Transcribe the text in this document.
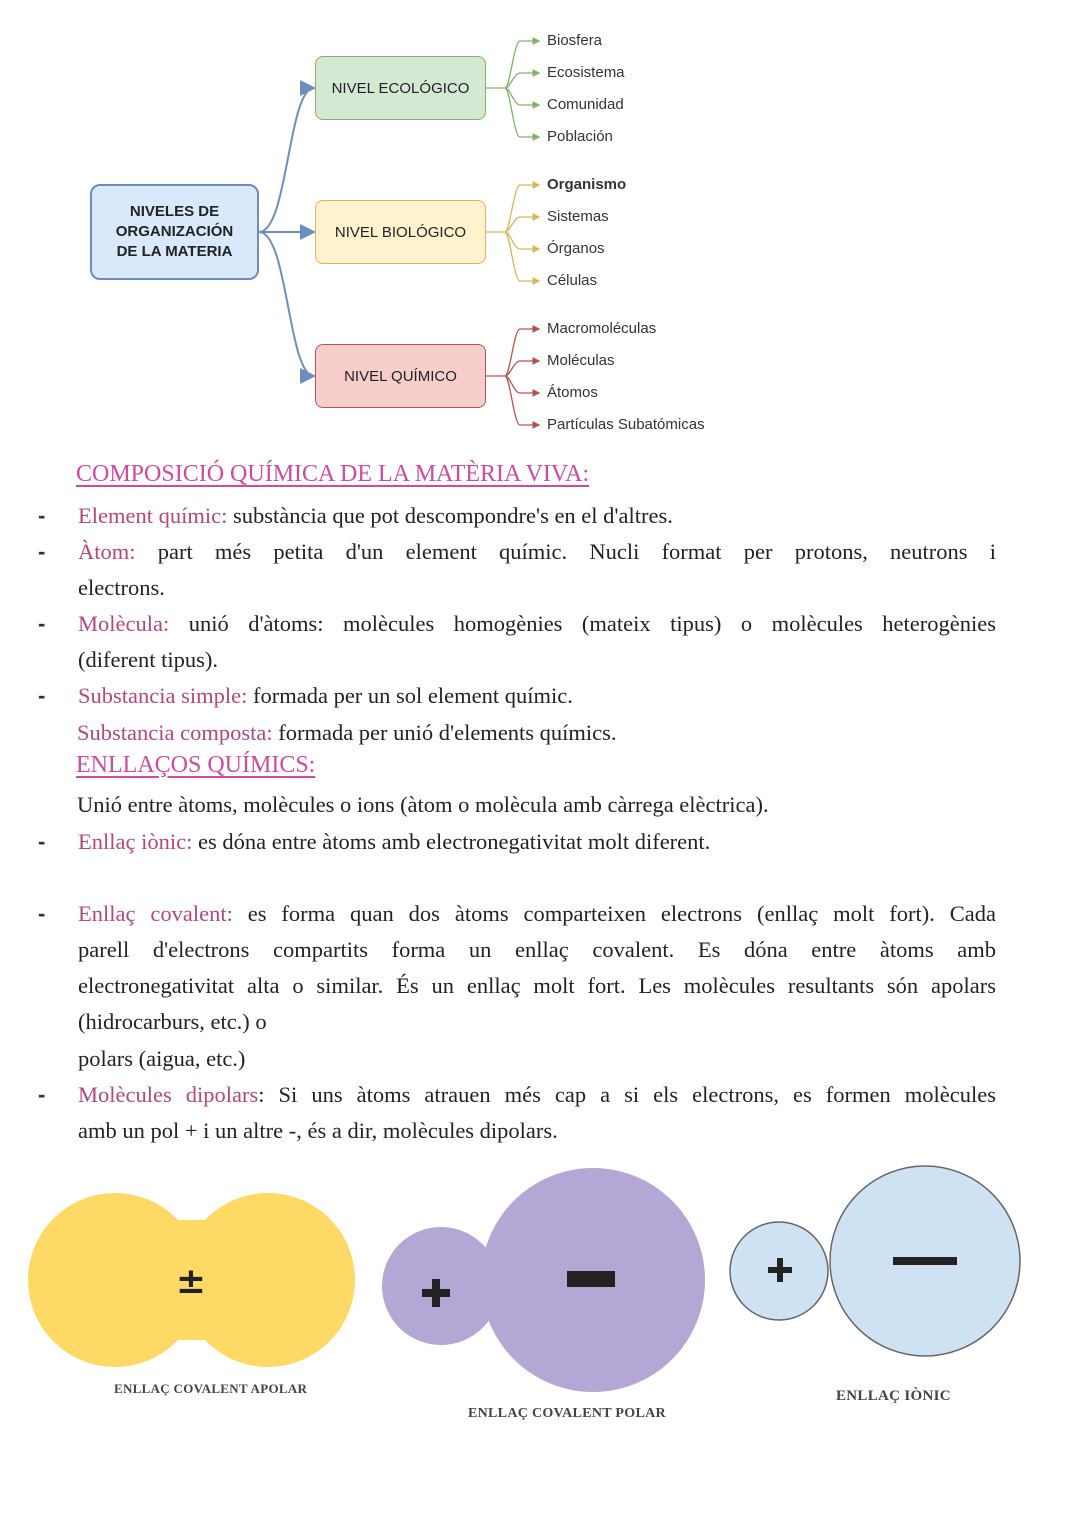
NIVELES DE
ORGANIZACIÓN
DE LA MATERIA
NIVEL ECOLÓGICO
NIVEL BIOLÓGICO
NIVEL QUÍMICO
Biosfera
Ecosistema
Comunidad
Población
Organismo
Sistemas
Órganos
Células
Macromoléculas
Moléculas
Átomos
Partículas Subatómicas
COMPOSICIÓ QUÍMICA DE LA MATÈRIA VIVA:
- Element químic: substància que pot descompondre's en el d'altres.
- Àtom: part més petita d'un element químic. Nucli format per protons, neutrons i
electrons.
- Molècula: unió d'àtoms: molècules homogènies (mateix tipus) o molècules heterogènies
(diferent tipus).
- Substancia simple: formada per un sol element químic.
Substancia composta: formada per unió d'elements químics.
ENLLAÇOS QUÍMICS:
Unió entre àtoms, molècules o ions (àtom o molècula amb càrrega elèctrica).
- Enllaç iònic: es dóna entre àtoms amb electronegativitat molt diferent.
- Enllaç covalent: es forma quan dos àtoms comparteixen electrons (enllaç molt fort). Cada
parell d'electrons compartits forma un enllaç covalent. Es dóna entre àtoms amb
electronegativitat alta o similar. És un enllaç molt fort. Les molècules resultants són apolars
(hidrocarburs, etc.) o
polars (aigua, etc.)
- Molècules dipolars: Si uns àtoms atrauen més cap a si els electrons, es formen molècules
amb un pol + i un altre -, és a dir, molècules dipolars.
±
ENLLAÇ COVALENT APOLAR
ENLLAÇ COVALENT POLAR
ENLLAÇ IÒNIC
